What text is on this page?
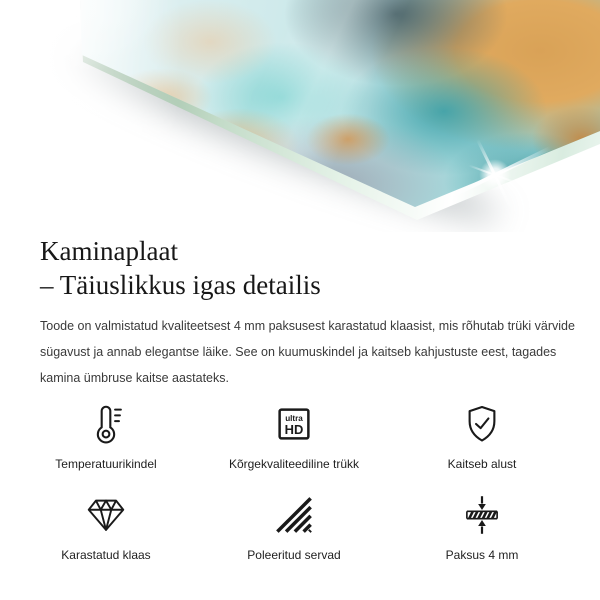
Kaminaplaat
– Täiuslikkus igas detailis
Toode on valmistatud kvaliteetsest 4 mm paksusest karastatud klaasist, mis rõhutab trüki värvide
sügavust ja annab elegantse läike. See on kuumuskindel ja kaitseb kahjustuste eest, tagades
kamina ümbruse kaitse aastateks.
Temperatuurikindel
ultra
HD
Kõrgekvaliteediline trükk	Kaitseb alust
Karastatud klaas	Poleeritud servad	Paksus 4 mm
